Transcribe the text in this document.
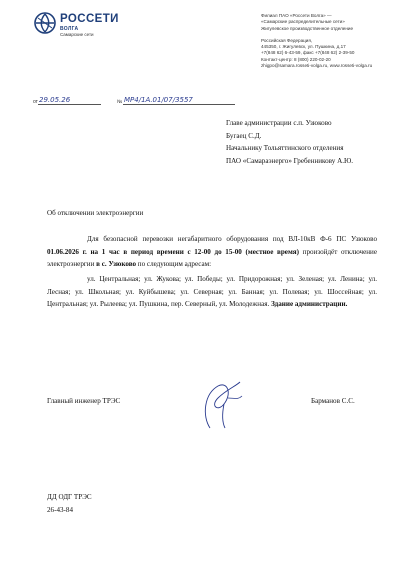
РОССЕТИ
ВОЛГА
Самарские сети
Филиал ПАО «Россети Волга» —
«Самарские распределительные сети»
Жигулевское производственное отделение
Российская Федерация,
445350, г. Жигулевск, ул. Пушкина, д.17
+7(848 62) 6-43-59, факс +7(848 62) 2-39-50
Контакт-центр: 8 (800) 220-02-20
zhigpo@samara.rosseti-volga.ru, www.rosseti-volga.ru
от 29.05.26	№ МР4/1А.01/07/3557
Главе администрации с.п. Узюково
Бугаец С.Д.
Начальнику Тольяттинского отделения
ПАО «Самараэнерго» Гребенникову А.Ю.
Об отключении электроэнергии
Для безопасной перевозки негабаритного оборудования под ВЛ-10кВ Ф-6 ПС Узюково 01.06.2026 г. на 1 час в период времени с 12-00 до 15-00 (местное время) произойдёт отключение электроэнергии в с. Узюково по следующим адресам:
ул. Центральная; ул. Жукова; ул. Победы; ул. Придорожная; ул. Зеленая; ул. Ленина; ул. Лесная; ул. Школьная; ул. Куйбышева; ул. Северная; ул. Банная; ул. Полевая; ул. Шоссейная; ул. Центральная; ул. Рылеева; ул. Пушкина, пер. Северный, ул. Молодежная. Здание администрации.
Главный инженер ТРЭС	Барманов С.С.
ДД ОДГ ТРЭС
26-43-84
